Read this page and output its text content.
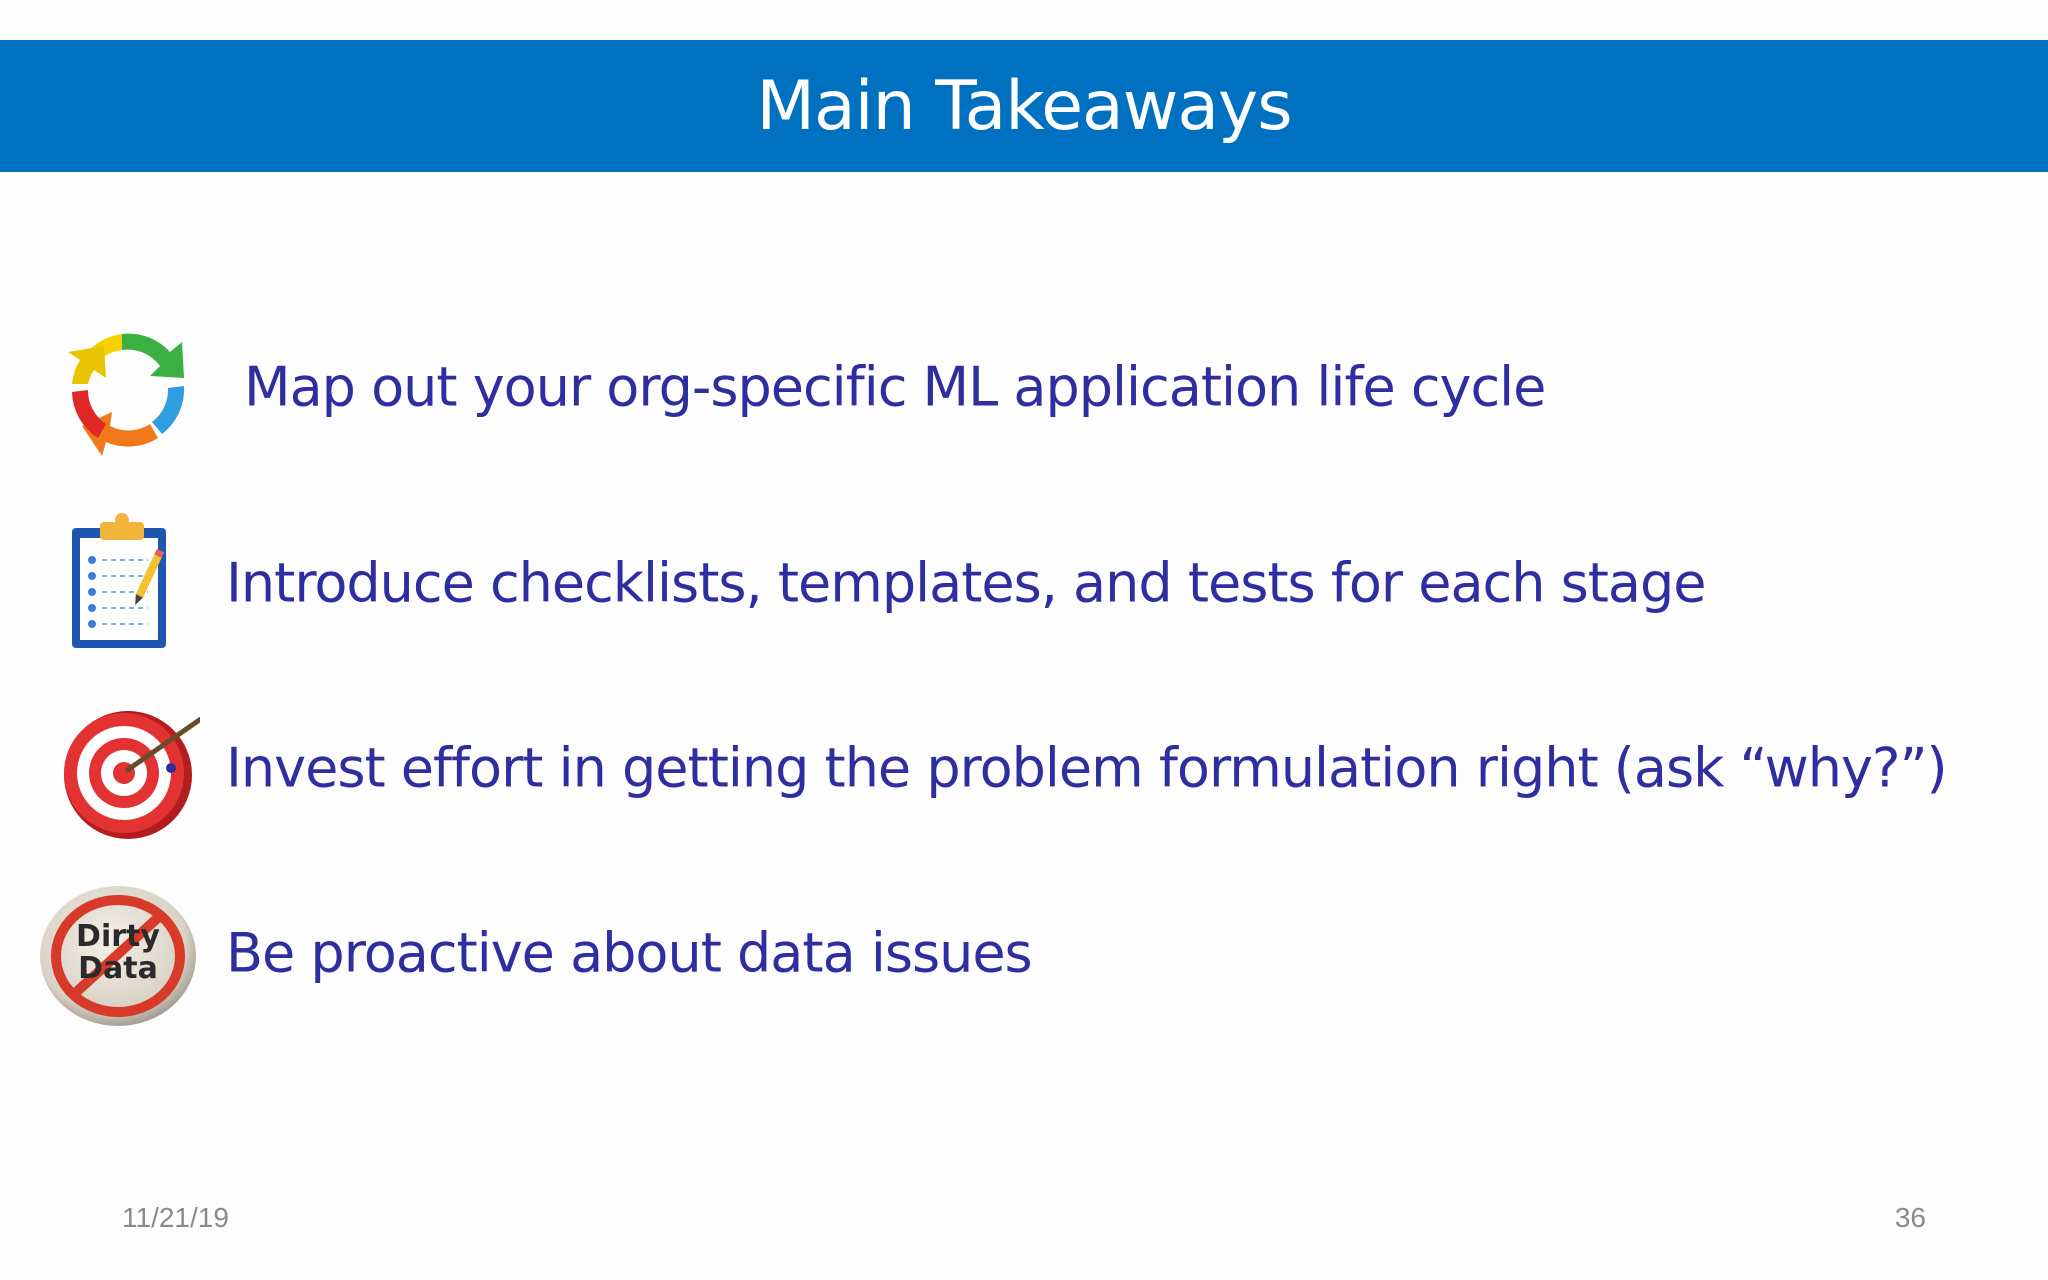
Main Takeaways
Map out your org-specific ML application life cycle
Introduce checklists, templates, and tests for each stage
Invest effort in getting the problem formulation right (ask “why?”)
Dirty
Data Be proactive about data issues
11/21/19	36
